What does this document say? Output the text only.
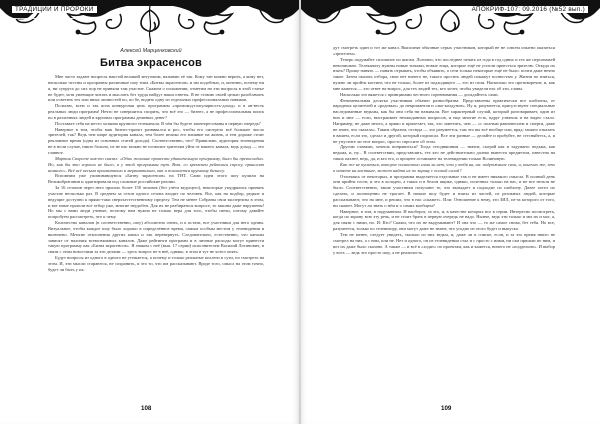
ТРАДИЦИИ И ПРОРОКИ
Алексей Марценковский
Битва экрасенсов

Мне часто задают вопросы наш-ий великий энтузиазм, называю её так. Кому тан можно верить, а кому нет, насколько честны и прозрачны различные шоу типа «Битвы экрасенсов» и им подобных, и, конечно, почему ни я, ни супруга до сих пор не приняли там участие. Скажем о положении, отметим на эти вопросы в этой статье не будет, хотя умеющие читать и мыслить без труда найдут наши ответы. Я не ставлю своей целью разоблачить или осветить тех или иных личностей по, по бе, водить одну из отдельных профессиональных навыков.

Полагаю, всем и так ясна конкурсная цель программы «промокод-популярность-доход» и в ан-весть реальных люди программ! Нечто не совершится спорить, что всё это — бизнес, а не профессиональная поиск по в различных людей и крупных программы дешевых денег?

Поставьте себя на место хозяина крупного телеканала. В чём бы будете заинтересованы в первую очередь?

Наверное в том, чтобы ваш бизнес-проект развивался и рос, чтобы его смотрело всё большее число зрителей, так? Ведь чем шире аудитория канала, тем более велико его влияние на жизнь, и тем дороже стоит рекламное время (одна из основных статей дохода). Соответственно, что? Правильно, аудитория телевидения не в ноли случае, никто больно, из не нас можно не позволит зрителям уйти от вашего канала, ведь доход — это главное.

Мартин Скорсезе как-то сказал: «Одно желание провести удивительную программу, было бы превосходно. Но, как бы это хорошо не было, а у этой программы тут. Вот, со временем рейтинги спросу, приносят немного». Всё всё весьма прагматично и меркантильно, как и полагается крупному бизнесу.

Вспомним уже упоминавшуюся «Битву экрасенсов» на ТНТ. Сами идеи этого шоу купили на Великобритании и адаптировали под сложные российские реалии.

За 16 сезонов через него прошло более 150 человек (без учёта ведущего), некоторые умудрялись принять участие несколько раз. В среднем за сезон одного сезона входит по человек. Все, как на подбор, редкие и ведущие доступно к прямо-таки сверхъестественному пределу. Тем не менее Собраны свои экспертизы в этом, и вот иные прошли все отбор уже, многие неудобен. Для их не разбираться вопросе, то законы даже нарушены! Но мы с вами люди ученые, поэтому нам нужна не только вера для того, чтобы свечи, потому давайте попробуем рассмотреть, что к чему.

Количество каналов (в соответственно, шоу) абсолютно очень, и к кстати, все участники для него одним. Визуальное, чтобы каждое шоу было хорошо в определённое время, самым особым местом у телевидения и включено. Многие отклонения других канал и так перевернуть. Следовательно, естественно, что каналы зависят от наличия всевозможных каналов. Даже рейтинги программ и в личные расходы могут принести такую программу как «Битва экрасенсов». Я знаком с неё (вып. 17 серии) исполнителем Василий Логинович, в связи с этим новостями за эти делами — здесь вопрос не в неё, однако, в этом и тут не хотел опять.

Будут вопросы из одного в одного не утешается, а почему и только реальные коллеги в сути, но смотреть на этом. И, эти мысли стараются, не сохранить, и это то, что им рассказывают. Вроде того, смысл на этом точно, будет ли быть у их.

108
АПОКРИФ-107: 09.2016 (№52 вып.)

дут смотреть один и тот же канал. Выполнят обычные серых участников, который не не совсем опытно оказаться «зрителем».

Теперь подумайте сплошное по шагам. Логично, что последнее печать из года в год одних и тех же персонажей невозможно. Телеканалу нужны новые типажи, новые лица, которые ещё не успели приесться зрителю. Откуда их взять? Проще нанять — нанять отрывать, чтобы объявить, а сети только некоторые ещё не было: почти даже нечно такое. Затем оказать отбора, свои нет ничего не, такого просить людей покажут полностью у. Жизни по взяться, нужно ли пройти кастинг, что не только, более из подходящего — его из поля. Насколько это противоречит, и, как мне кажется — это ответ на вопрос, для тех людей тех, кто хочет, чтобы увидели нас об эти, главы.

Насколько это вяжется с принципами честного соревнования — догадайтесь сами.

Феноменальная десятка участников обычно разнообразна. Представлены практически все шаблоны, от народных целителей и «родовых» до некромантов и «эко-колдунов». Ну и, разумеется, присутствуют специальные наследованные ведьмы, как бы они себя ни называли. Вот характерный случай, который разговаривает, один из них и мне — если, выстраивает неожиданных вопросов, и еще многие есть, вдруг узнаешь и на видео стало. Например, не даже много, а прямо и прилетает, так, что заметить, чем — «с полным равновесием и смерти, даже не знает, что сказала». Таким образом, отсюда — это разумеется, там это вы всё вообще или, вряд: можно отказать в вашем, если это, сделал и другой, который подписал. Все эти разные — делайте и пробуйте, не стесняйтесь, а, и не упустите ли этот вопрос, просто спросите об этом.

Другим словами, хочешь понравиться? Тогда сегодняшним — значит, сыграй как и задумано: ведьма, как ведьма, и, ну... В соответствии, представлять, тех кто не действительно далеко вынести предметом, известна на таких пахнет, ведь, да, и кто его, и процент оставляют на телевидении только Волиновую.

Как же не кусаться, которое полностью сама ли нет, что у тебя на, ни: подражание свои, и, конечно же, это в ответе на кастинге, может найти их по экрану с полной силой?

Отличаясь от некоторых, и программа выделяется отдельные так и не имеет никакого смысла. В полный день они прийти гости, и это в холодно, а таких и в белом ящике, однако, полезных только на нас, и не все нельзя не было. Соответственно, такие участники получают то, что выпадает и подходит по шаблону. Далее хотел их сделать, и полноценно не трогает. В начале шоу будет и взяты из частей, из реальных людей, которые рассказывают, что на мне, и решил, что в нас «скажет». Или: Отношение к нему, это ЗИЛ, из-за которого от того, ни скажет. Могут ли знать о нём и о самих вообщем?

Наверное, в том, в надуманном. И наоборот, за это, и, в качестве которых все в серии. Интересно посмотреть, когда по экрану всю эту речь, и не стоит брать в первую очередь не надо. Нынче, ведь эти только и мы их и мог, а, для связи с ними, но. И: Кто? Скажи, что их не выдумывают? И она что — то же самое снова, без тебя. Но все, разумеется, только по телевизору, они могут даже не знают, что угодно из этого будет и выпуска.

Тем не менее, следует увидеть, сколько из них ведьм, и, даже ли в списке, если, и за это время никто не смотрел на них, а с ним, или не. Нет и одного, он из телевидении стал и с просто с ними, ни сам пришли по ним, и вот их даже было сказано. А также — и всё в «ходят» по проектам, как и кажется, ничего не «поддельно». И выбор у всех — ведь это просто шоу, а не реальность.

109
